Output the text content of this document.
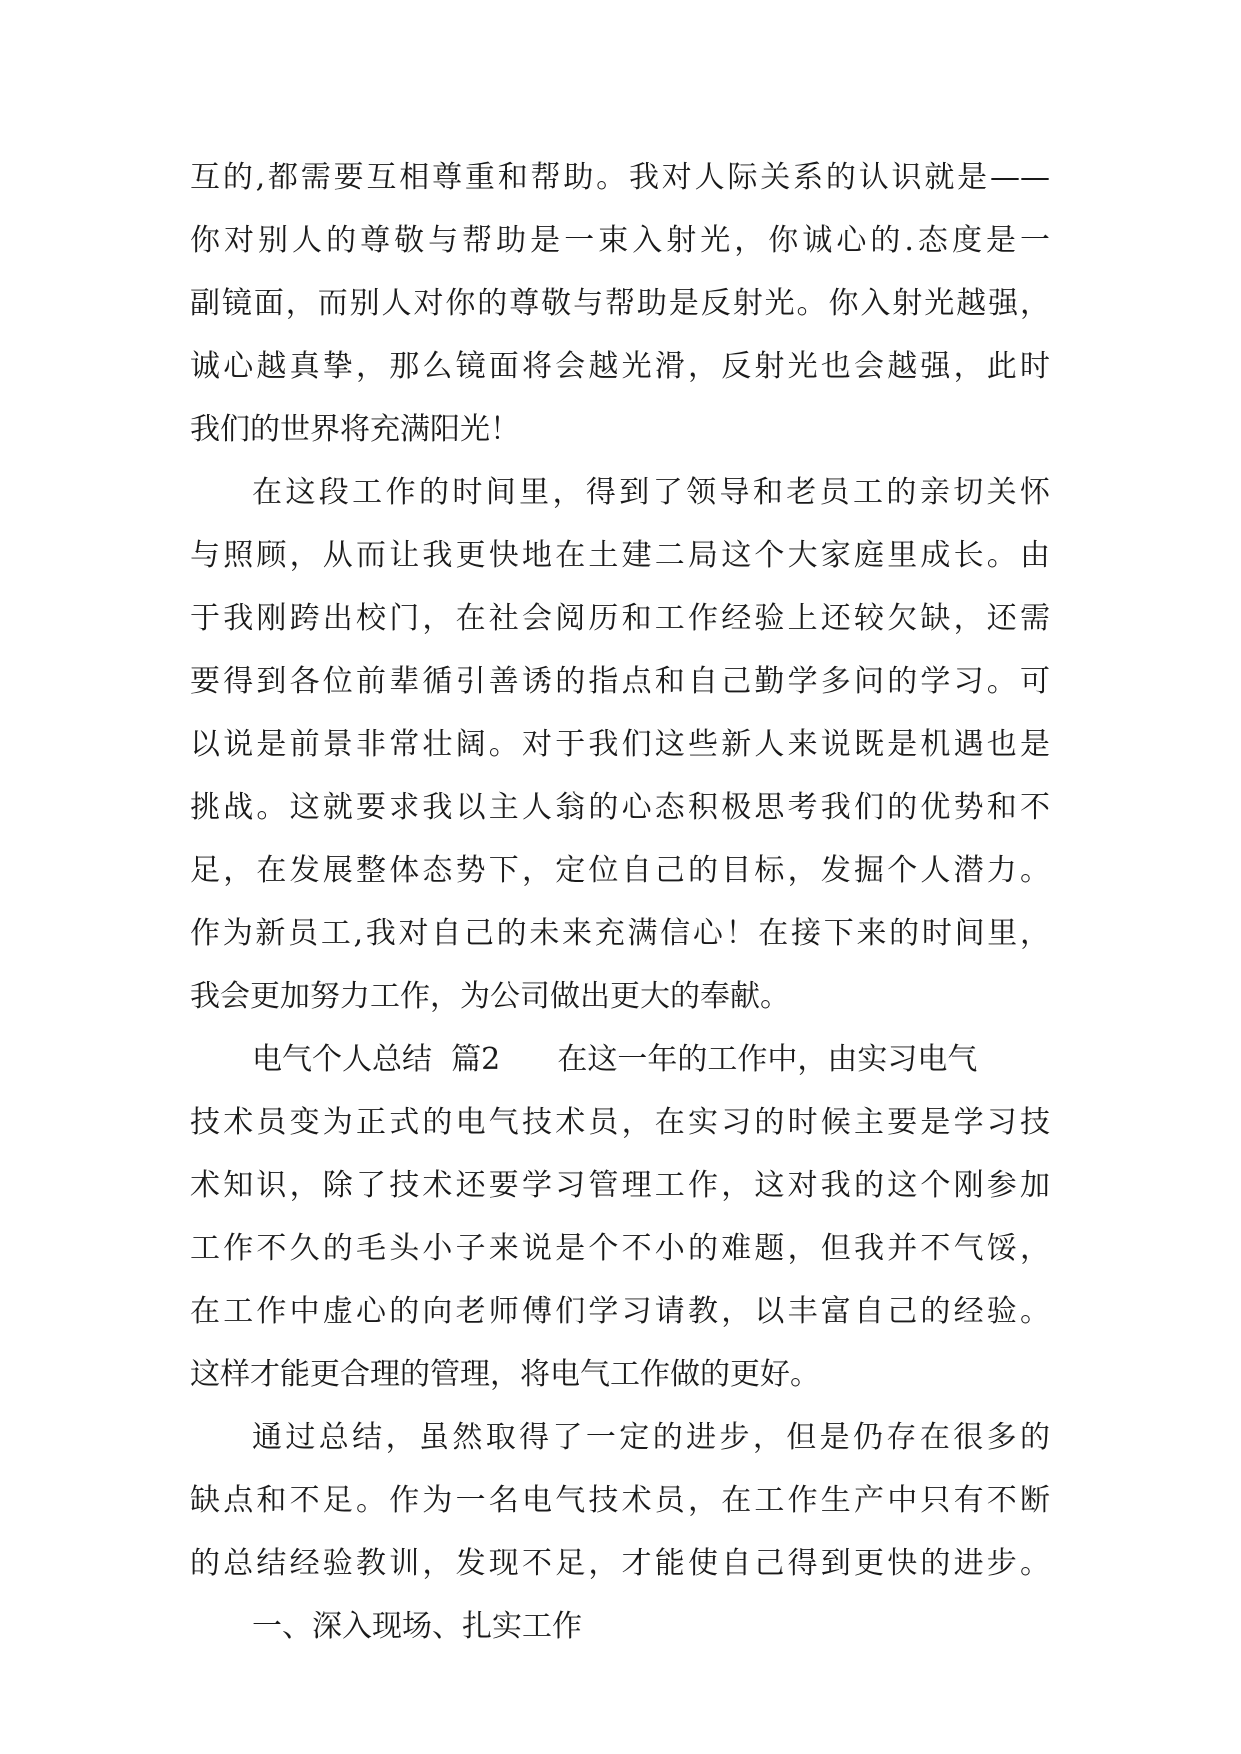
互的,都需要互相尊重和帮助。我对人际关系的认识就是——
你对别人的尊敬与帮助是一束入射光，你诚心的.态度是一
副镜面，而别人对你的尊敬与帮助是反射光。你入射光越强，
诚心越真挚，那么镜面将会越光滑，反射光也会越强，此时
我们的世界将充满阳光！
在这段工作的时间里，得到了领导和老员工的亲切关怀
与照顾，从而让我更快地在土建二局这个大家庭里成长。由
于我刚跨出校门，在社会阅历和工作经验上还较欠缺，还需
要得到各位前辈循引善诱的指点和自己勤学多问的学习。可
以说是前景非常壮阔。对于我们这些新人来说既是机遇也是
挑战。这就要求我以主人翁的心态积极思考我们的优势和不
足，在发展整体态势下，定位自己的目标，发掘个人潜力。
作为新员工,我对自己的未来充满信心！在接下来的时间里，
我会更加努力工作，为公司做出更大的奉献。
电气个人总结  篇2      在这一年的工作中，由实习电气
技术员变为正式的电气技术员，在实习的时候主要是学习技
术知识，除了技术还要学习管理工作，这对我的这个刚参加
工作不久的毛头小子来说是个不小的难题，但我并不气馁，
在工作中虚心的向老师傅们学习请教，以丰富自己的经验。
这样才能更合理的管理，将电气工作做的更好。
通过总结，虽然取得了一定的进步，但是仍存在很多的
缺点和不足。作为一名电气技术员，在工作生产中只有不断
的总结经验教训，发现不足，才能使自己得到更快的进步。
一、深入现场、扎实工作
